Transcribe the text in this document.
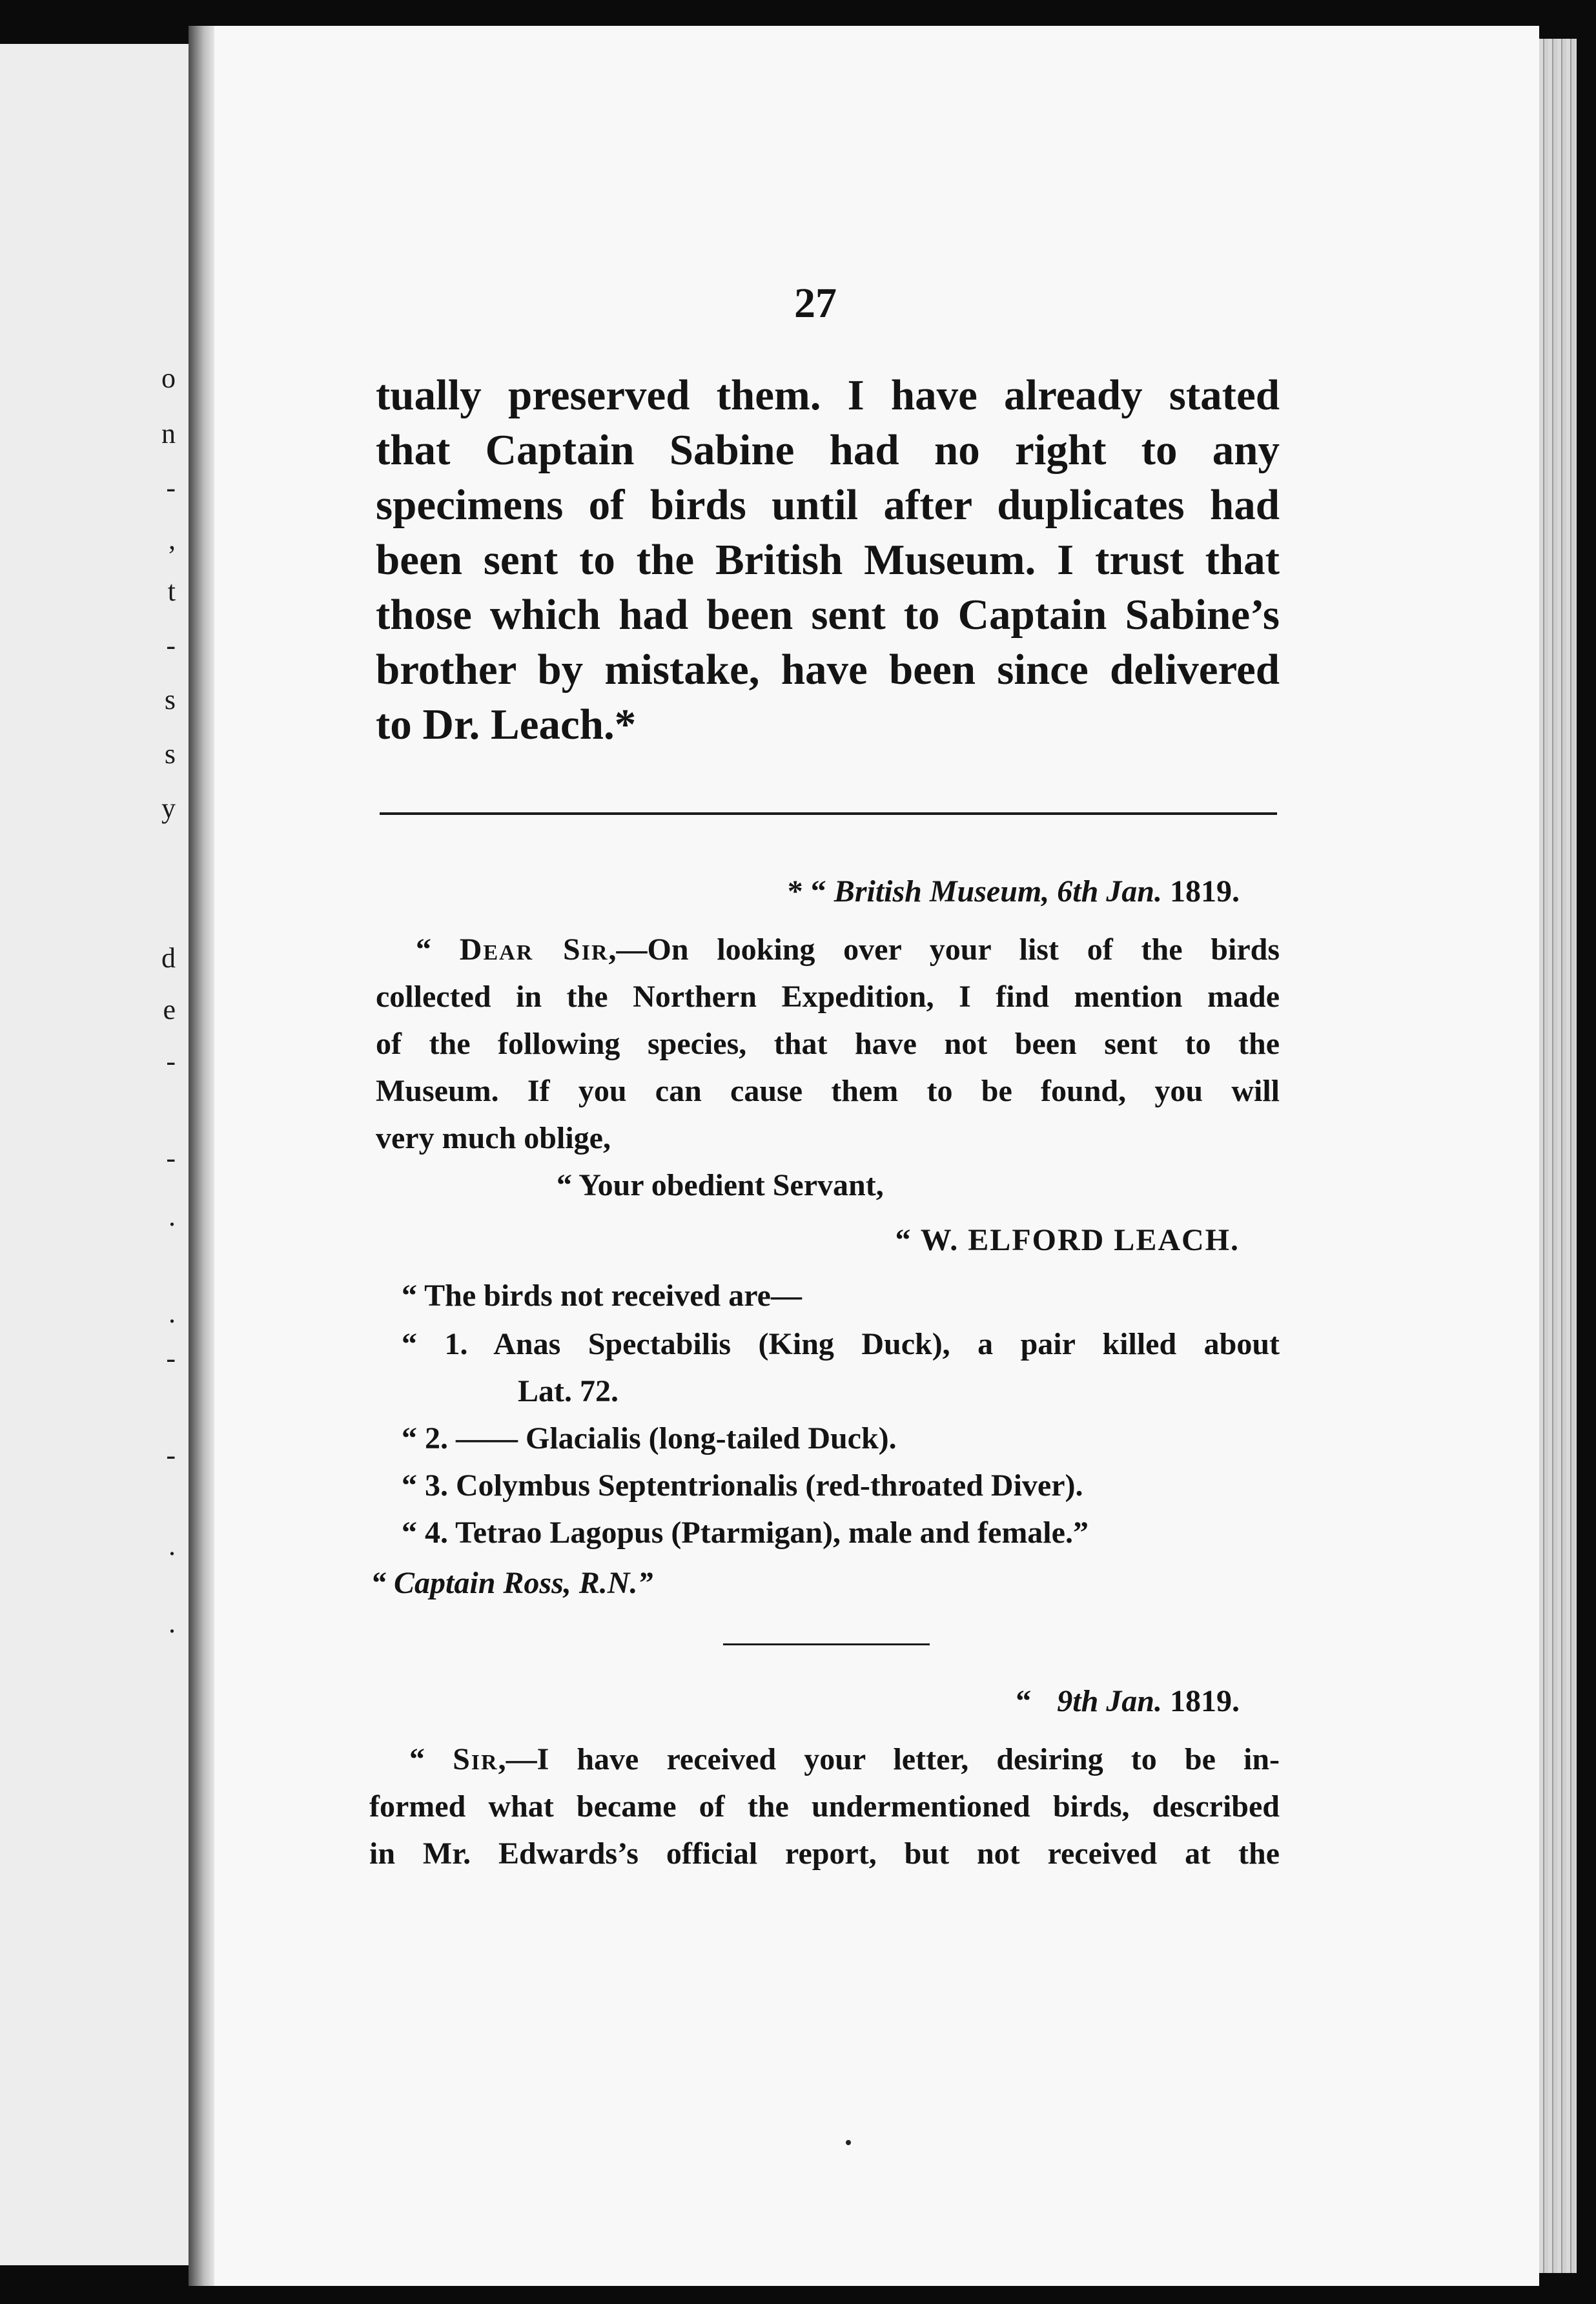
o
n
-
,
t
-
s
s
y
d
e
-
-
.
.
-
-
.
.
27
tually preserved them. I have already stated
that Captain Sabine had no right to any
specimens of birds until after duplicates had
been sent to the British Museum. I trust that
those which had been sent to Captain Sabine’s
brother by mistake, have been since delivered
to Dr. Leach.*
* “ British Museum, 6th Jan. 1819.
“ Dear Sir,—On looking over your list of the birds
collected in the Northern Expedition, I find mention made
of the following species, that have not been sent to the
Museum. If you can cause them to be found, you will
very much oblige,
“ Your obedient Servant,
“ W. ELFORD LEACH.
“ The birds not received are—
“ 1. Anas Spectabilis (King Duck), a pair killed about
Lat. 72.
“ 2. —— Glacialis (long-tailed Duck).
“ 3. Colymbus Septentrionalis (red-throated Diver).
“ 4. Tetrao Lagopus (Ptarmigan), male and female.”
“ Captain Ross, R.N.”
“ 9th Jan. 1819.
“ Sir,—I have received your letter, desiring to be in-
formed what became of the undermentioned birds, described
in Mr. Edwards’s official report, but not received at the
